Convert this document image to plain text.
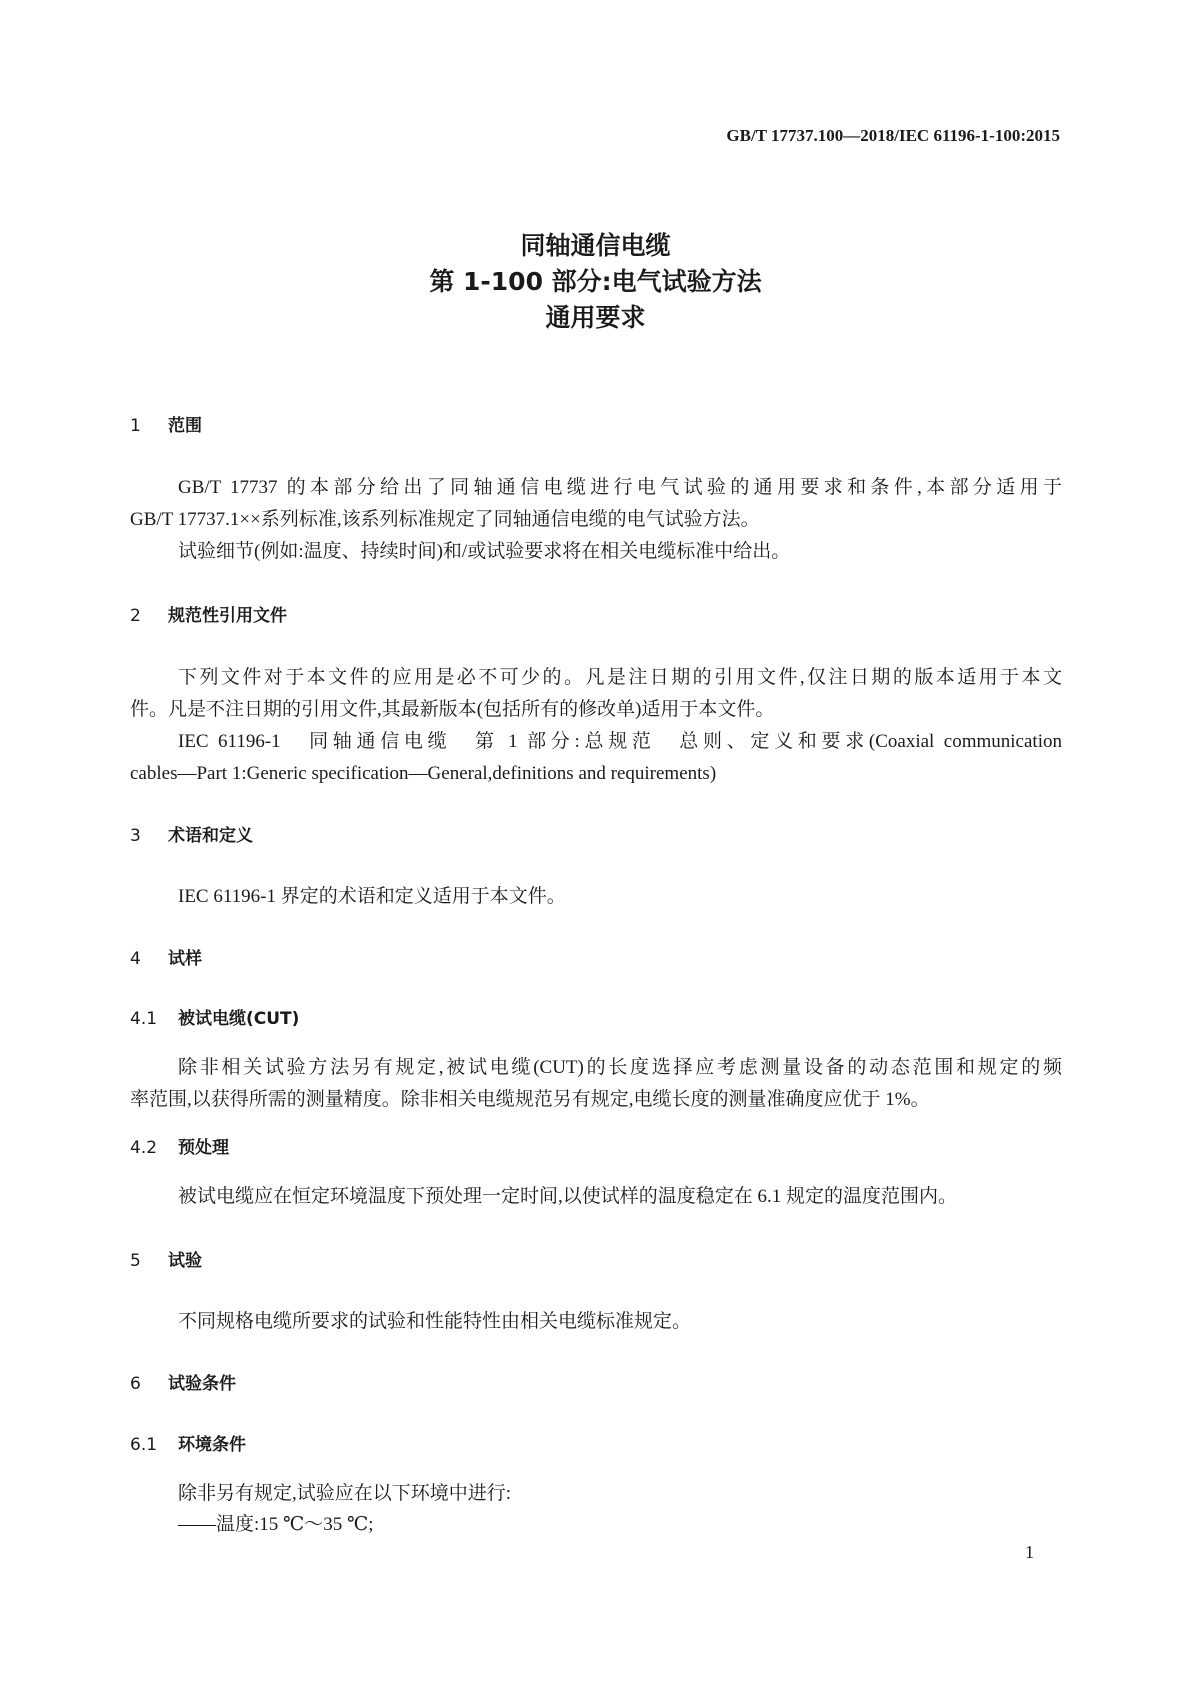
GB/T 17737.100—2018/IEC 61196-1-100:2015
同轴通信电缆
第 1-100 部分:电气试验方法
通用要求
1 范围
GB/T 17737 的本部分给出了同轴通信电缆进行电气试验的通用要求和条件,本部分适用于
GB/T 17737.1××系列标准,该系列标准规定了同轴通信电缆的电气试验方法。
试验细节(例如:温度、持续时间)和/或试验要求将在相关电缆标准中给出。
2 规范性引用文件
下列文件对于本文件的应用是必不可少的。凡是注日期的引用文件,仅注日期的版本适用于本文
件。凡是不注日期的引用文件,其最新版本(包括所有的修改单)适用于本文件。
IEC 61196-1　同轴通信电缆　第 1 部分:总规范　总则、定义和要求(Coaxial communication
cables—Part 1:Generic specification—General,definitions and requirements)
3 术语和定义
IEC 61196-1 界定的术语和定义适用于本文件。
4 试样
4.1 被试电缆(CUT)
除非相关试验方法另有规定,被试电缆(CUT)的长度选择应考虑测量设备的动态范围和规定的频
率范围,以获得所需的测量精度。除非相关电缆规范另有规定,电缆长度的测量准确度应优于 1%。
4.2 预处理
被试电缆应在恒定环境温度下预处理一定时间,以使试样的温度稳定在 6.1 规定的温度范围内。
5 试验
不同规格电缆所要求的试验和性能特性由相关电缆标准规定。
6 试验条件
6.1 环境条件
除非另有规定,试验应在以下环境中进行:
——温度:15 ℃～35 ℃;
1
